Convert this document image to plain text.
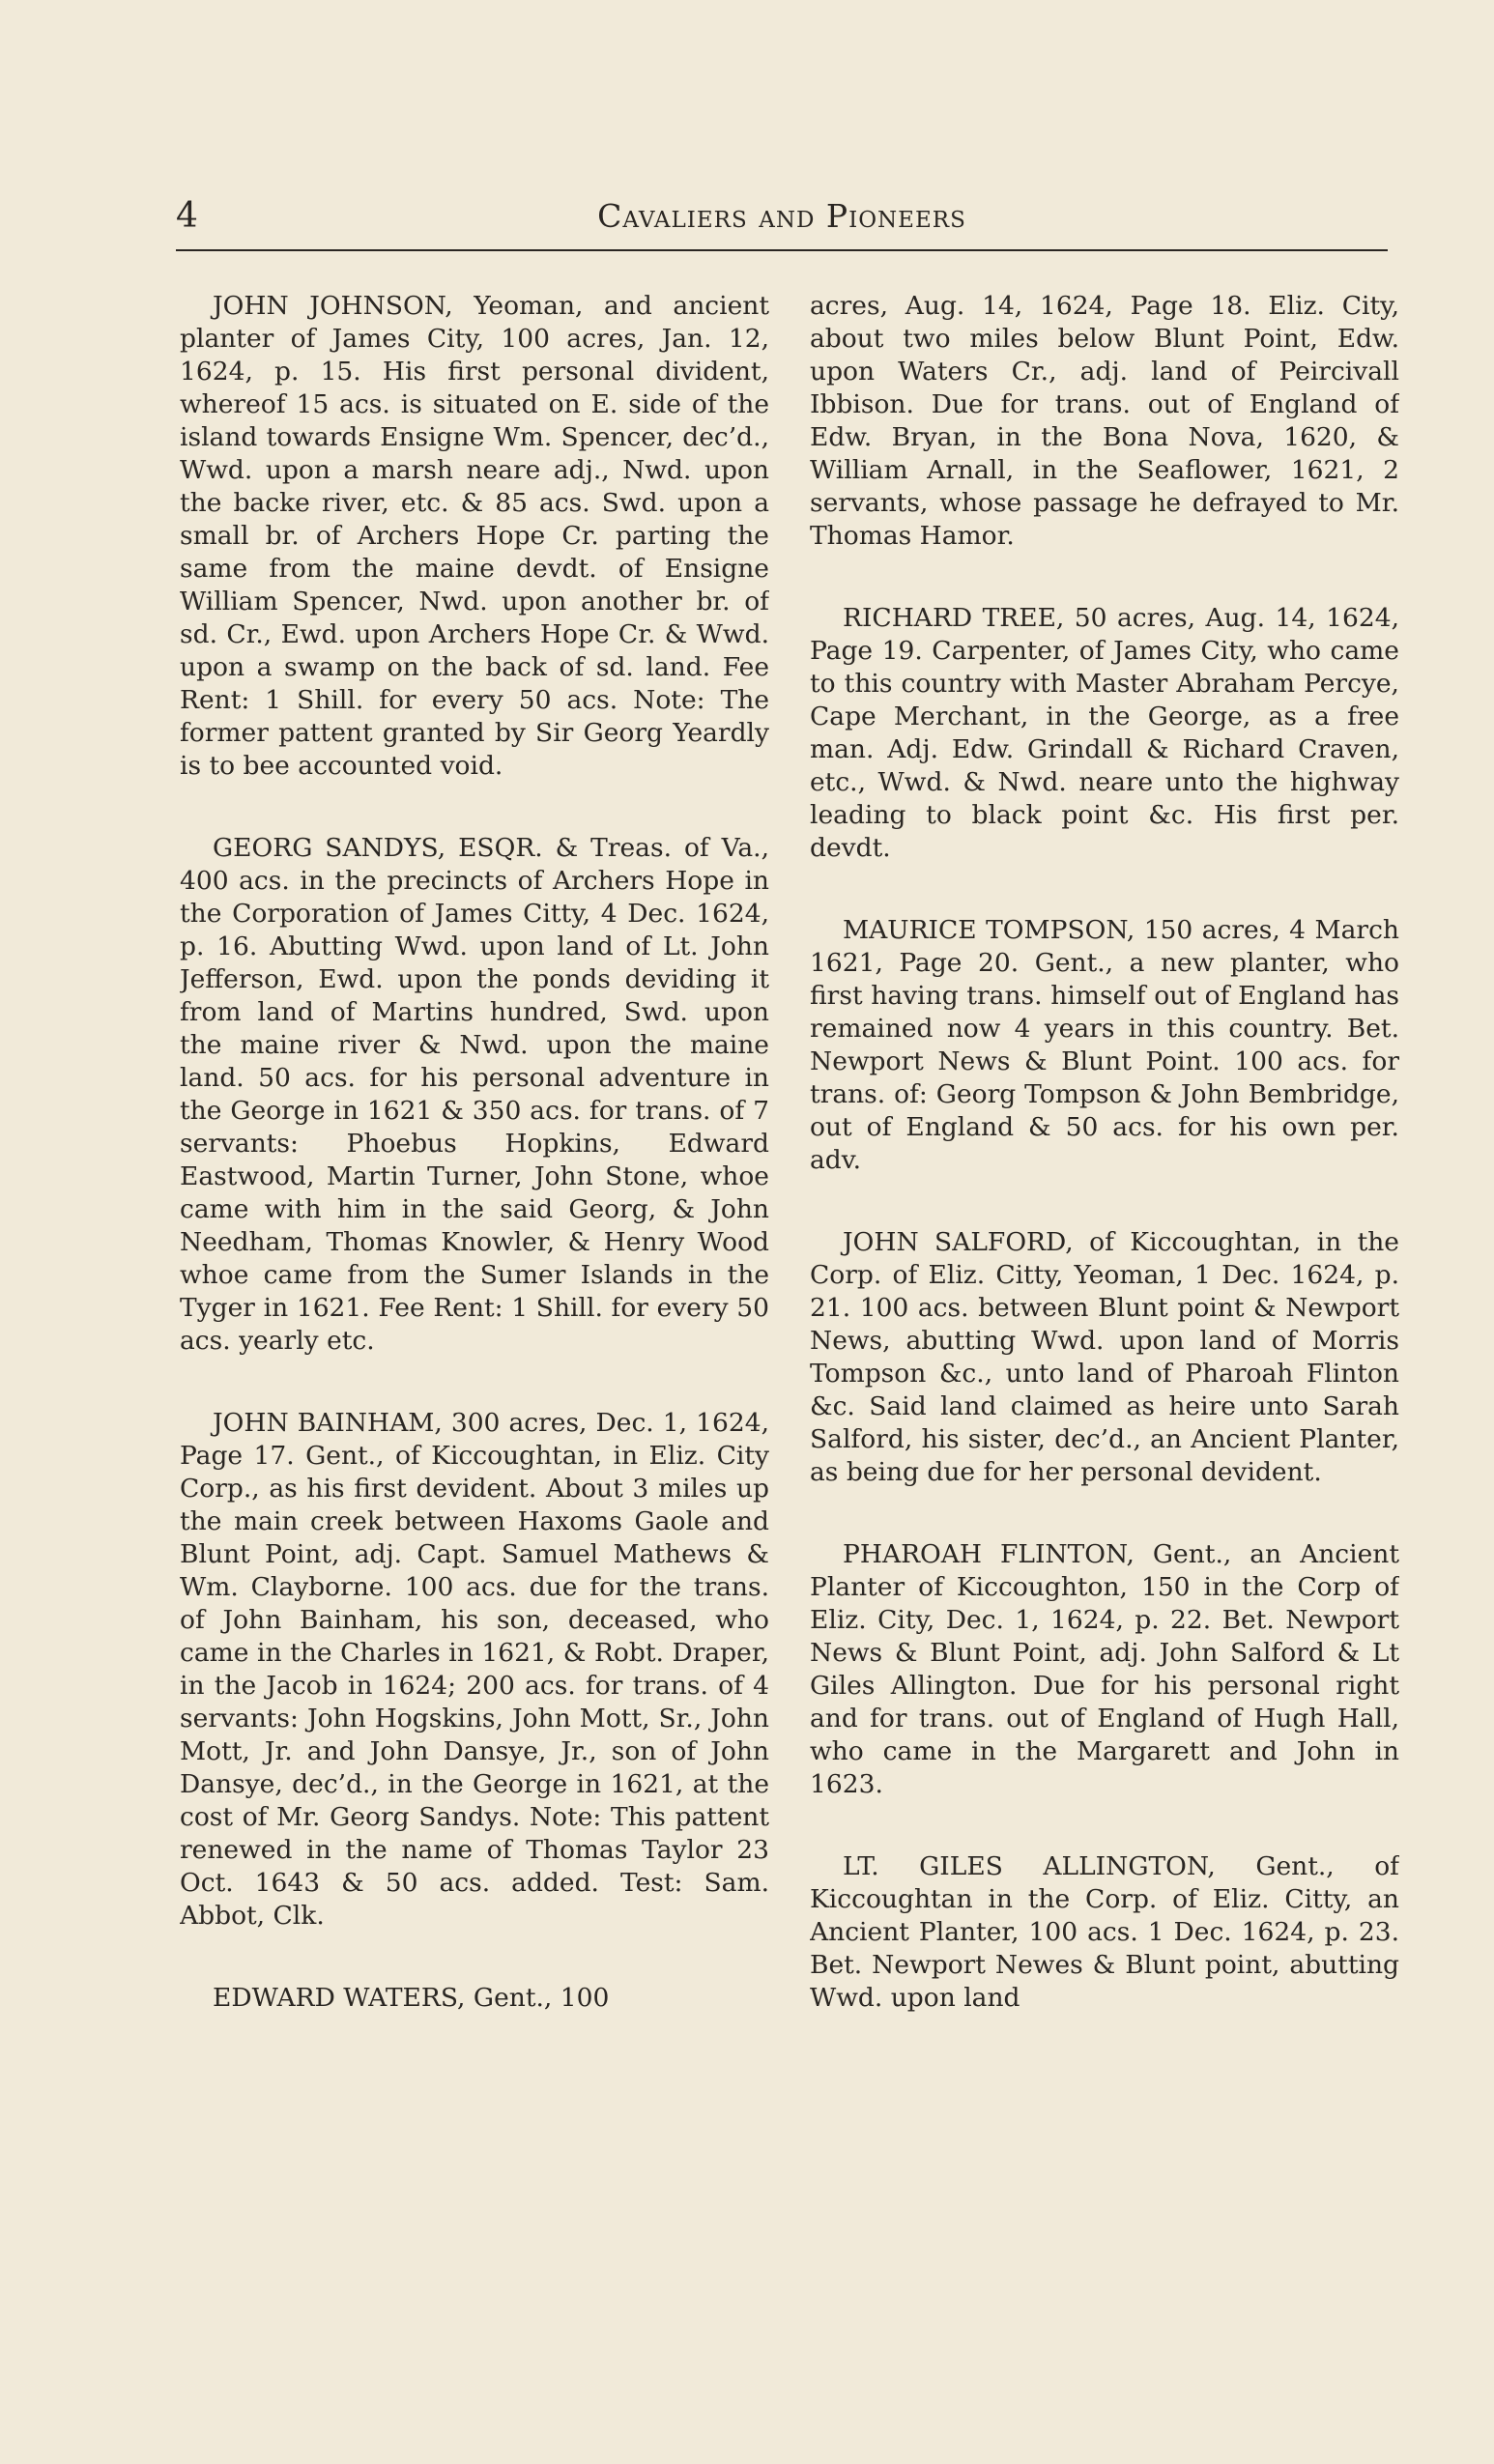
4	Cavaliers and Pioneers

JOHN JOHNSON, Yeoman, and ancient planter of James City, 100 acres, Jan. 12, 1624, p. 15. His first personal divident, whereof 15 acs. is situated on E. side of the island towards Ensigne Wm. Spencer, dec’d., Wwd. upon a marsh neare adj., Nwd. upon the backe river, etc. & 85 acs. Swd. upon a small br. of Archers Hope Cr. parting the same from the maine devdt. of Ensigne William Spencer, Nwd. upon another br. of sd. Cr., Ewd. upon Archers Hope Cr. & Wwd. upon a swamp on the back of sd. land. Fee Rent: 1 Shill. for every 50 acs. Note: The former pattent granted by Sir Georg Yeardly is to bee accounted void.

GEORG SANDYS, ESQR. & Treas. of Va., 400 acs. in the precincts of Archers Hope in the Corporation of James Citty, 4 Dec. 1624, p. 16. Abutting Wwd. upon land of Lt. John Jefferson, Ewd. upon the ponds deviding it from land of Martins hundred, Swd. upon the maine river & Nwd. upon the maine land. 50 acs. for his personal adventure in the George in 1621 & 350 acs. for trans. of 7 servants: Phoebus Hopkins, Edward Eastwood, Martin Turner, John Stone, whoe came with him in the said Georg, & John Needham, Thomas Knowler, & Henry Wood whoe came from the Sumer Islands in the Tyger in 1621. Fee Rent: 1 Shill. for every 50 acs. yearly etc.

JOHN BAINHAM, 300 acres, Dec. 1, 1624, Page 17. Gent., of Kiccoughtan, in Eliz. City Corp., as his first devident. About 3 miles up the main creek between Haxoms Gaole and Blunt Point, adj. Capt. Samuel Mathews & Wm. Clayborne. 100 acs. due for the trans. of John Bainham, his son, deceased, who came in the Charles in 1621, & Robt. Draper, in the Jacob in 1624; 200 acs. for trans. of 4 servants: John Hogskins, John Mott, Sr., John Mott, Jr. and John Dansye, Jr., son of John Dansye, dec’d., in the George in 1621, at the cost of Mr. Georg Sandys. Note: This pattent renewed in the name of Thomas Taylor 23 Oct. 1643 & 50 acs. added. Test: Sam. Abbot, Clk.

EDWARD WATERS, Gent., 100

acres, Aug. 14, 1624, Page 18. Eliz. City, about two miles below Blunt Point, Edw. upon Waters Cr., adj. land of Peircivall Ibbison. Due for trans. out of England of Edw. Bryan, in the Bona Nova, 1620, & William Arnall, in the Seaflower, 1621, 2 servants, whose passage he defrayed to Mr. Thomas Hamor.

RICHARD TREE, 50 acres, Aug. 14, 1624, Page 19. Carpenter, of James City, who came to this country with Master Abraham Percye, Cape Merchant, in the George, as a free man. Adj. Edw. Grindall & Richard Craven, etc., Wwd. & Nwd. neare unto the highway leading to black point &c. His first per. devdt.

MAURICE TOMPSON, 150 acres, 4 March 1621, Page 20. Gent., a new planter, who first having trans. himself out of England has remained now 4 years in this country. Bet. Newport News & Blunt Point. 100 acs. for trans. of: Georg Tompson & John Bembridge, out of England & 50 acs. for his own per. adv.

JOHN SALFORD, of Kiccoughtan, in the Corp. of Eliz. Citty, Yeoman, 1 Dec. 1624, p. 21. 100 acs. between Blunt point & Newport News, abutting Wwd. upon land of Morris Tompson &c., unto land of Pharoah Flinton &c. Said land claimed as heire unto Sarah Salford, his sister, dec’d., an Ancient Planter, as being due for her personal devident.

PHAROAH FLINTON, Gent., an Ancient Planter of Kiccoughton, 150 in the Corp of Eliz. City, Dec. 1, 1624, p. 22. Bet. Newport News & Blunt Point, adj. John Salford & Lt Giles Allington. Due for his personal right and for trans. out of England of Hugh Hall, who came in the Margarett and John in 1623.

LT. GILES ALLINGTON, Gent., of Kiccoughtan in the Corp. of Eliz. Citty, an Ancient Planter, 100 acs. 1 Dec. 1624, p. 23. Bet. Newport Newes & Blunt point, abutting Wwd. upon land
